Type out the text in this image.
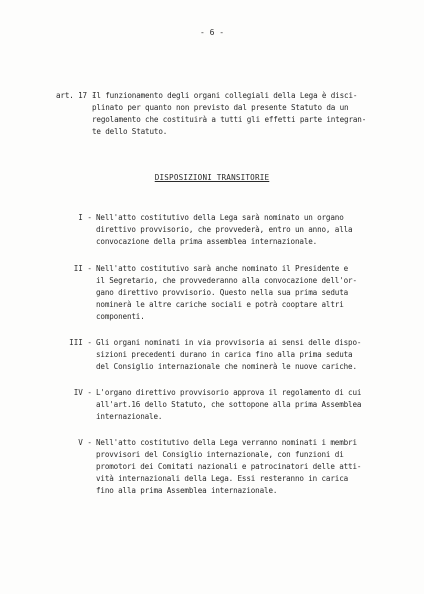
- 6 -
art. 17 -
Il funzionamento degli organi collegiali della Lega è disci-
plinato per quanto non previsto dal presente Statuto da un
regolamento che costituirà a tutti gli effetti parte integran-
te dello Statuto.
DISPOSIZIONI TRANSITORIE
I - Nell'atto costitutivo della Lega sarà nominato un organo
direttivo provvisorio, che provvederà, entro un anno, alla
convocazione della prima assemblea internazionale.
II - Nell'atto costitutivo sarà anche nominato il Presidente e
il Segretario, che provvederanno alla convocazione dell'or-
gano direttivo provvisorio. Questo nella sua prima seduta
nominerà le altre cariche sociali e potrà cooptare altri
componenti.
III - Gli organi nominati in via provvisoria ai sensi delle dispo-
sizioni precedenti durano in carica fino alla prima seduta
del Consiglio internazionale che nominerà le nuove cariche.
IV - L'organo direttivo provvisorio approva il regolamento di cui
all'art.16 dello Statuto, che sottopone alla prima Assemblea
internazionale.
V - Nell'atto costitutivo della Lega verranno nominati i membri
provvisori del Consiglio internazionale, con funzioni di
promotori dei Comitati nazionali e patrocinatori delle atti-
vità internazionali della Lega. Essi resteranno in carica
fino alla prima Assemblea internazionale.
